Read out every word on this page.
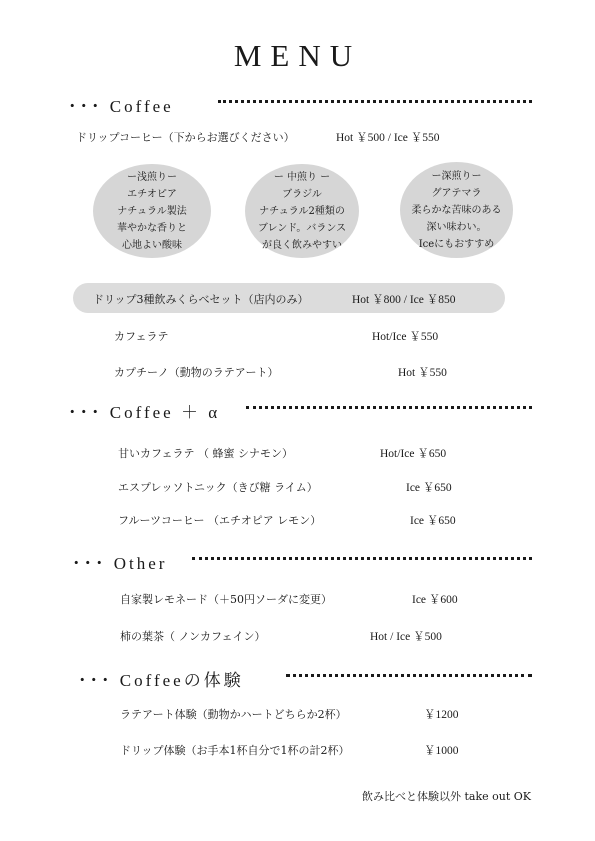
MENU
･･･ Coffee
ドリップコーヒー（下からお選びください）	Hot ￥500 / Ice ￥550
ー浅煎りー
エチオピア
ナチュラル製法
華やかな香りと
心地よい酸味
ー 中煎り ー
ブラジル
ナチュラル2種類の
ブレンド。バランス
が良く飲みやすい
ー深煎りー
グアテマラ
柔らかな苦味のある
深い味わい。
Iceにもおすすめ
ドリップ3種飲みくらべセット（店内のみ）	Hot ￥800 / Ice ￥850
カフェラテ	Hot/Ice ￥550
カプチーノ（動物のラテアート）	Hot ￥550
･･･ Coffee ＋ α
甘いカフェラテ （ 蜂蜜 シナモン）	Hot/Ice ￥650
エスプレッソトニック（きび糖 ライム）	Ice ￥650
フルーツコーヒー （エチオピア レモン）	Ice ￥650
･･･ Other
自家製レモネード（＋50円ソーダに変更）	Ice ￥600
柿の葉茶（ ノンカフェイン）	Hot / Ice ￥500
･･･ Coffeeの体験
ラテアート体験（動物かハートどちらか2杯）	￥1200
ドリップ体験（お手本1杯自分で1杯の計2杯）	￥1000
飲み比べと体験以外 take out OK
